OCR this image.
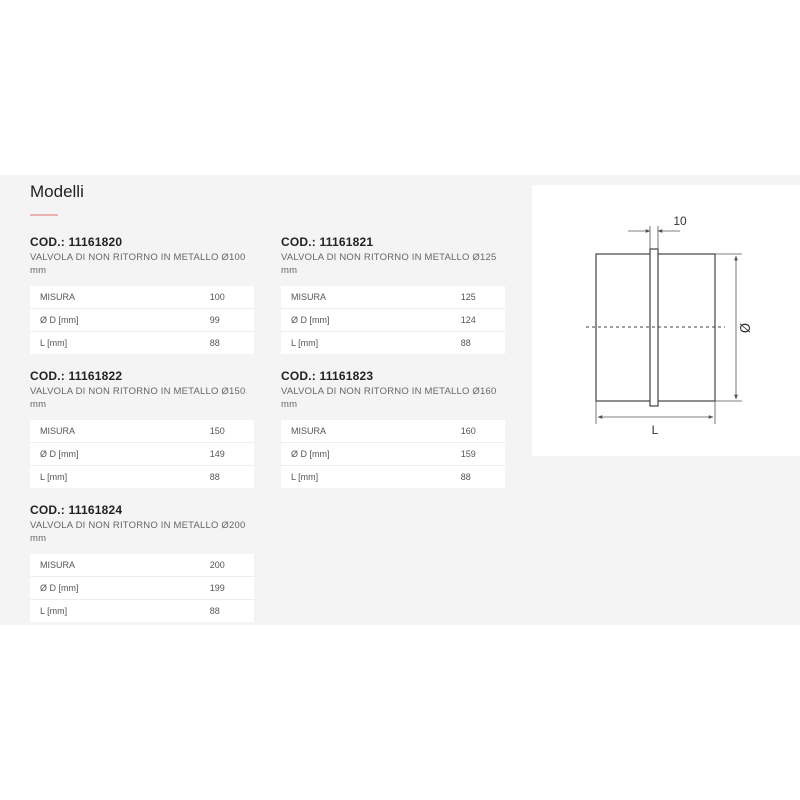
Modelli
COD.: 11161820
VALVOLA DI NON RITORNO IN METALLO Ø100
mm
MISURA	100
Ø D [mm]	99
L [mm]	88
COD.: 11161821
VALVOLA DI NON RITORNO IN METALLO Ø125
mm
MISURA	125
Ø D [mm]	124
L [mm]	88
COD.: 11161822
VALVOLA DI NON RITORNO IN METALLO Ø150
mm
MISURA	150
Ø D [mm]	149
L [mm]	88
COD.: 11161823
VALVOLA DI NON RITORNO IN METALLO Ø160
mm
MISURA	160
Ø D [mm]	159
L [mm]	88
COD.: 11161824
VALVOLA DI NON RITORNO IN METALLO Ø200
mm
MISURA	200
Ø D [mm]	199
L [mm]	88
10
Ø
L
